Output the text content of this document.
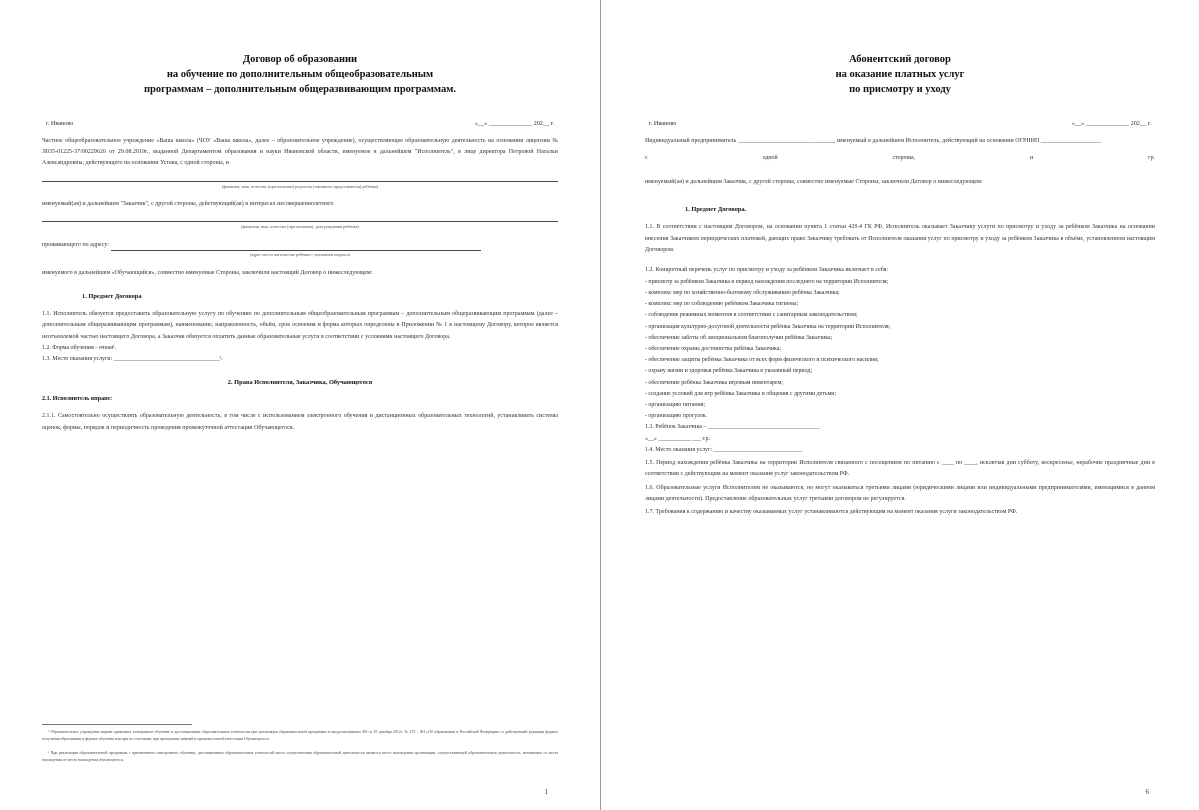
Договор об образовании
на обучение по дополнительным общеобразовательным
программам – дополнительным общеразвивающим программам.
г. Иваново	«__» ______________ 202__ г.
Частное общеобразовательное учреждение «Ваша школа» (ЧОУ «Ваша школа», далее – образовательное учреждение), осуществляющее образовательную деятельность на основании лицензии № Л035-01225-37/00229626 от 29.08.2019г., выданной Департаментом образования и науки Ивановской области, именуемое в дальнейшем "Исполнитель", в лице директора Петровой Натальи Александровны, действующего на основании Устава, с одной стороны, и
(фамилия, имя, отчество (при наличии) родителя (законного представителя) ребёнка)
именуемый(ая) и дальнейшем "Заказчик", с другой стороны, действующий(ая) в интересах несовершеннолетнего
(фамилия, имя, отчество (при наличии), дата рождения ребёнка)
проживающего по адресу:
(адрес места жительства ребёнка с указанием индекса)
именуемого в дальнейшем «Обучающийся», совместно именуемые Стороны, заключили настоящий Договор о нижеследующем:
1. Предмет Договора
1.1. Исполнитель обязуется предоставить образовательную услугу по обучению по дополнительным общеобразовательным программам – дополнительным общеразвивающим программам (далее – дополнительным общеразвивающим программам), наименование, направленность, объём, срок освоения и форма которых определены в Приложении № 1 к настоящему Договору, которое является неотъемлемой частью настоящего Договора, а Заказчик обязуется оплатить данные образовательные услуги в соответствии с условиями настоящего Договора.
1.2. Форма обучения - очная¹.
1.3. Место оказания услуги: ____________________________________².
2. Права Исполнителя, Заказчика, Обучающегося
2.1. Исполнитель вправе:
2.1.1. Самостоятельно осуществлять образовательную деятельность, в том числе с использованием электронного обучения и дистанционных образовательных технологий, устанавливать системы оценок, формы, порядок и периодичность проведения промежуточной аттестации Обучающегося.
¹ Образовательное учреждение вправе применять электронное обучение и дистанционные образовательные технологии при реализации образовательной программы в предусмотренных ФЗ от 29 декабря 2012г. № 273 – ФЗ «Об образовании в Российской Федерации» и действующей редакции формах получения образования и формах обучения или при их сочетании, при проведении занятий и промежуточной аттестации Обучающегося.
² При реализации образовательной программы с применением электронного обучения, дистанционных образовательных технологий место осуществления образовательной деятельности является место нахождения организации, осуществляющей образовательную деятельность, независимо от места нахождения от места нахождения обучающегося.
1
Абонентский договор
на оказание платных услуг
по присмотру и уходу
г. Иваново	«__» ______________ 202__ г.
Индивидуальный предприниматель ________________________________, именуемый в дальнейшем Исполнитель, действующий на основании ОГРНИП ____________________
с	одной	стороны,	и	гр.
именуемый(ая) и дальнейшем Заказчик, с другой стороны, совместно именуемые Стороны, заключили Договор о нижеследующем:
1. Предмет Договора.
1.1. В соответствии с настоящим Договором, на основании пункта 1 статьи 429.4 ГК РФ, Исполнитель оказывает Заказчику услуги по присмотру и уходу за ребёнком Заказчика на основании внесения Заказчиком периодических платежей, дающих право Заказчику требовать от Исполнителя оказания услуг по присмотру и уходу за ребёнком Заказчика в объёме, установленном настоящим Договором.
1.2. Конкретный перечень услуг по присмотру и уходу за ребёнком Заказчика включает в себя:
- присмотр за ребёнком Заказчика в период нахождения последнего на территории Исполнителя;
- комплекс мер по хозяйственно-бытовому обслуживанию ребёнка Заказчика;
- комплекс мер по соблюдению ребёнком Заказчика гигиены;
- соблюдение режимных моментов в соответствии с санитарным законодательством;
- организация культурно-досуговой деятельности ребёнка Заказчика на территории Исполнителя;
- обеспечение заботы об эмоциональном благополучии ребёнка Заказчика;
- обеспечение охраны достоинства ребёнка Заказчика;
- обеспечение защиты ребёнка Заказчика от всех форм физического и психического насилия;
- охрану жизни и здоровья ребёнка Заказчика в указанный период;
- обеспечение ребёнка Заказчика игровым инвентарем;
- создание условий для игр ребёнка Заказчика и общения с другими детьми;
- организацию питания;
- организацию прогулок.
1.3. Ребёнок Заказчика – ______________________________________
«__» ___________ ___ г.р.
1.4. Место оказания услуг: ______________________________
1.5. Период нахождения ребёнка Заказчика на территории Исполнителя связанного с посещением по питанию с ____ по ____, исключая дни субботу, воскресенье, нерабочие праздничные дни в соответствии с действующим на момент оказания услуг законодательством РФ.
1.6. Образовательные услуги Исполнителем не оказываются, но могут оказываться третьими лицами (юридическими лицами или индивидуальными предпринимателями, имеющимися в данном лицами деятельности). Предоставление образовательных услуг третьими договором не регулируется.
1.7. Требования к содержанию и качеству оказываемых услуг устанавливаются действующим на момент оказания услуги законодательством РФ.
6
